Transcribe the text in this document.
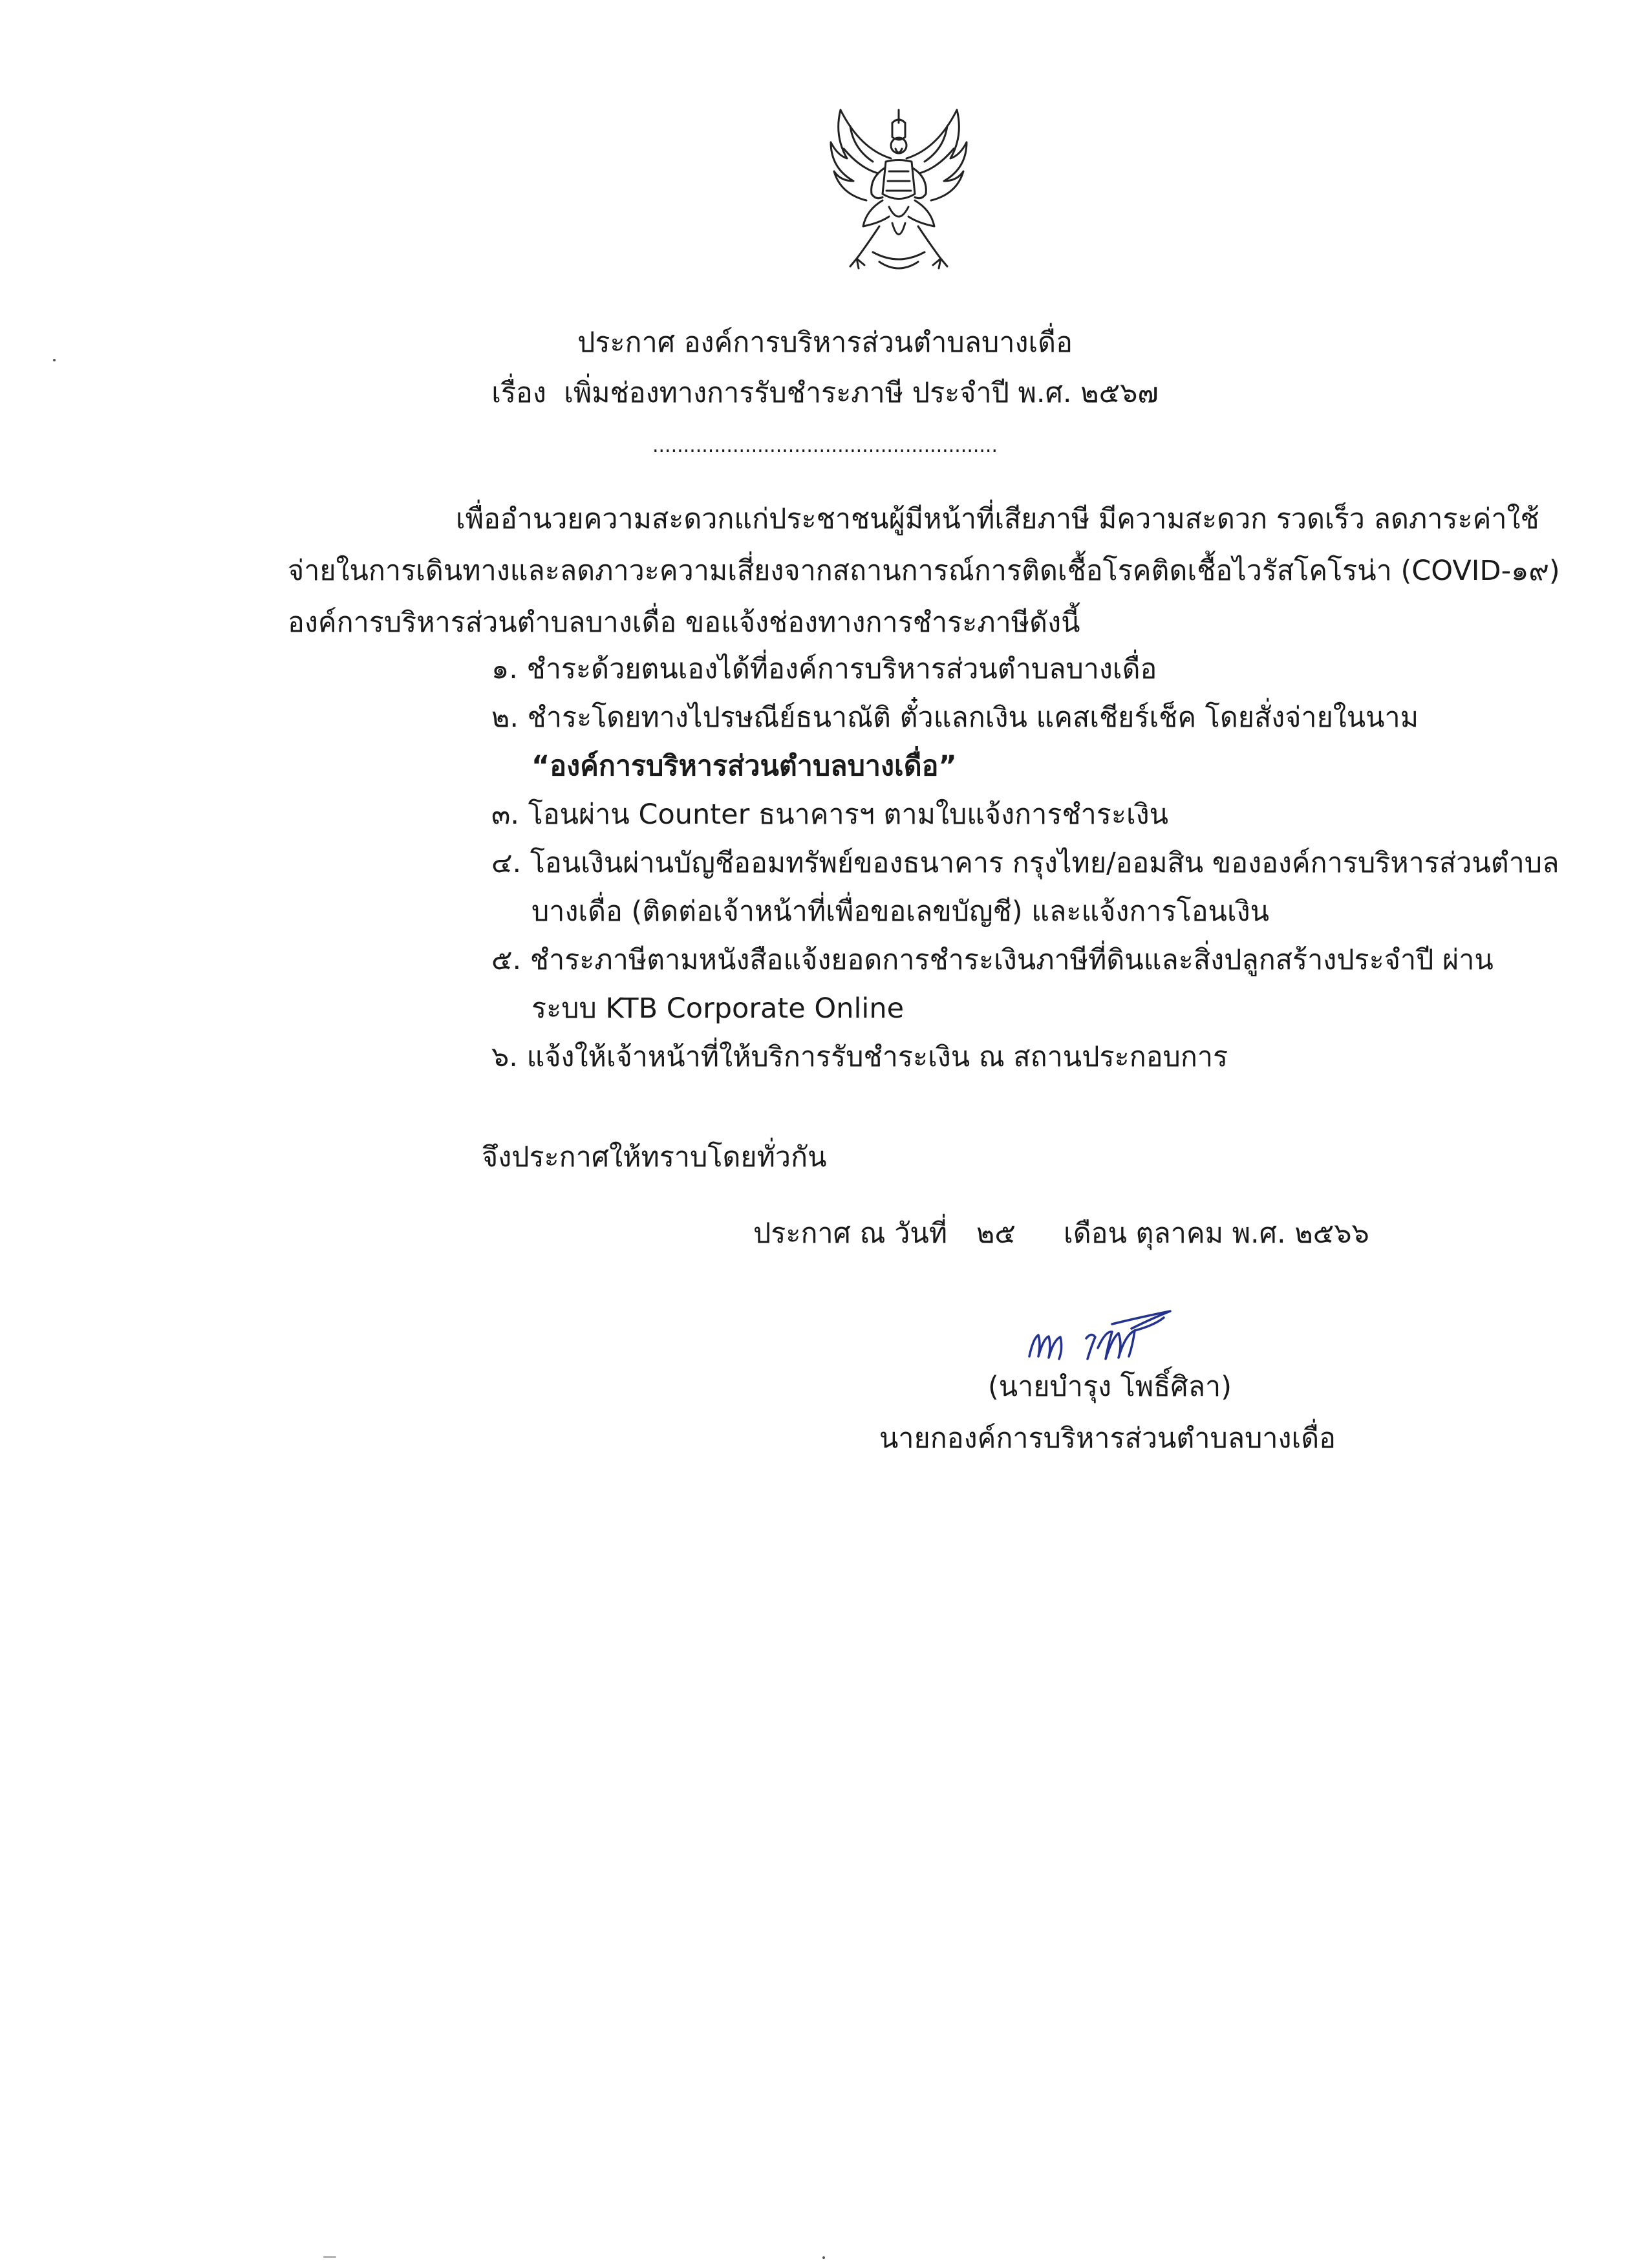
ประกาศ องค์การบริหารส่วนตำบลบางเดื่อ
เรื่อง เพิ่มช่องทางการรับชำระภาษี ประจำปี พ.ศ. ๒๕๖๗
........................................................
เพื่ออำนวยความสะดวกแก่ประชาชนผู้มีหน้าที่เสียภาษี มีความสะดวก รวดเร็ว ลดภาระค่าใช้
จ่ายในการเดินทางและลดภาวะความเสี่ยงจากสถานการณ์การติดเชื้อโรคติดเชื้อไวรัสโคโรน่า (COVID-๑๙)
องค์การบริหารส่วนตำบลบางเดื่อ ขอแจ้งช่องทางการชำระภาษีดังนี้
๑. ชำระด้วยตนเองได้ที่องค์การบริหารส่วนตำบลบางเดื่อ
๒. ชำระโดยทางไปรษณีย์ธนาณัติ ตั๋วแลกเงิน แคสเชียร์เช็ค โดยสั่งจ่ายในนาม
“องค์การบริหารส่วนตำบลบางเดื่อ”
๓. โอนผ่าน Counter ธนาคารฯ ตามใบแจ้งการชำระเงิน
๔. โอนเงินผ่านบัญชีออมทรัพย์ของธนาคาร กรุงไทย/ออมสิน ขององค์การบริหารส่วนตำบล
บางเดื่อ (ติดต่อเจ้าหน้าที่เพื่อขอเลขบัญชี) และแจ้งการโอนเงิน
๕. ชำระภาษีตามหนังสือแจ้งยอดการชำระเงินภาษีที่ดินและสิ่งปลูกสร้างประจำปี ผ่าน
ระบบ KTB Corporate Online
๖. แจ้งให้เจ้าหน้าที่ให้บริการรับชำระเงิน ณ สถานประกอบการ
จึงประกาศให้ทราบโดยทั่วกัน
ประกาศ ณ วันที่ ๒๕ เดือน ตุลาคม พ.ศ. ๒๕๖๖
(นายบำรุง โพธิ์ศิลา)
นายกองค์การบริหารส่วนตำบลบางเดื่อ
